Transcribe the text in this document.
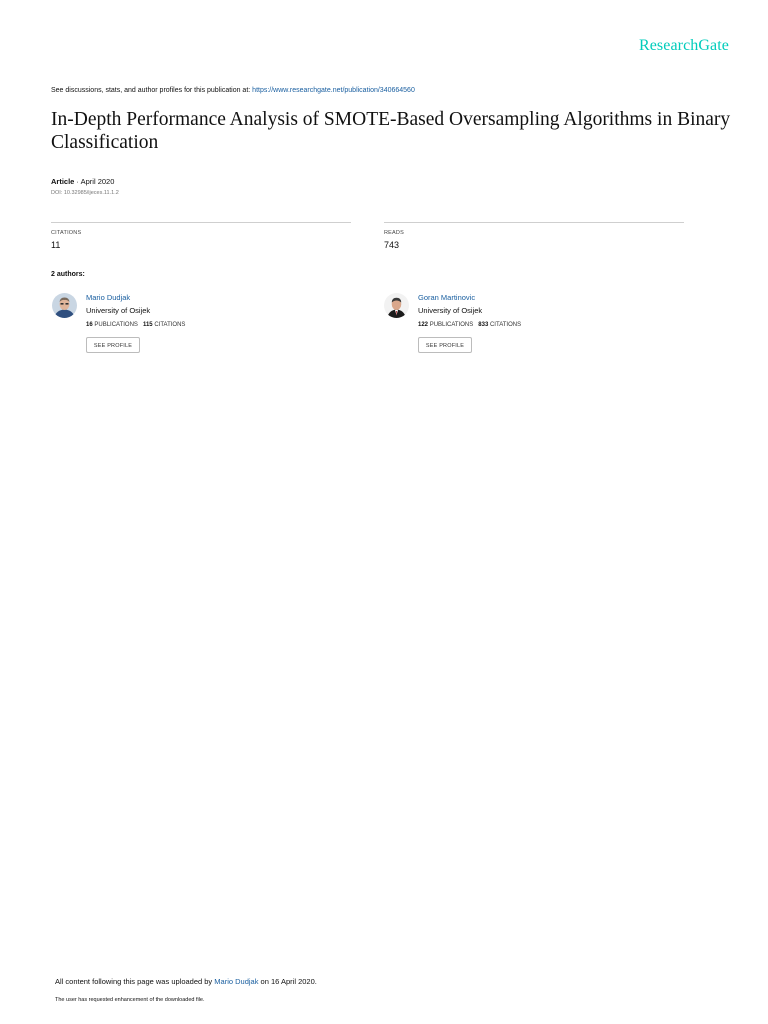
ResearchGate
See discussions, stats, and author profiles for this publication at: https://www.researchgate.net/publication/340664560
In-Depth Performance Analysis of SMOTE-Based Oversampling Algorithms in Binary Classification
Article · April 2020
DOI: 10.32985/ijeces.11.1.2
CITATIONS
11
READS
743
2 authors:
Mario Dudjak
University of Osijek
16 PUBLICATIONS 115 CITATIONS
SEE PROFILE
Goran Martinovic
University of Osijek
122 PUBLICATIONS 833 CITATIONS
SEE PROFILE
All content following this page was uploaded by Mario Dudjak on 16 April 2020.
The user has requested enhancement of the downloaded file.
